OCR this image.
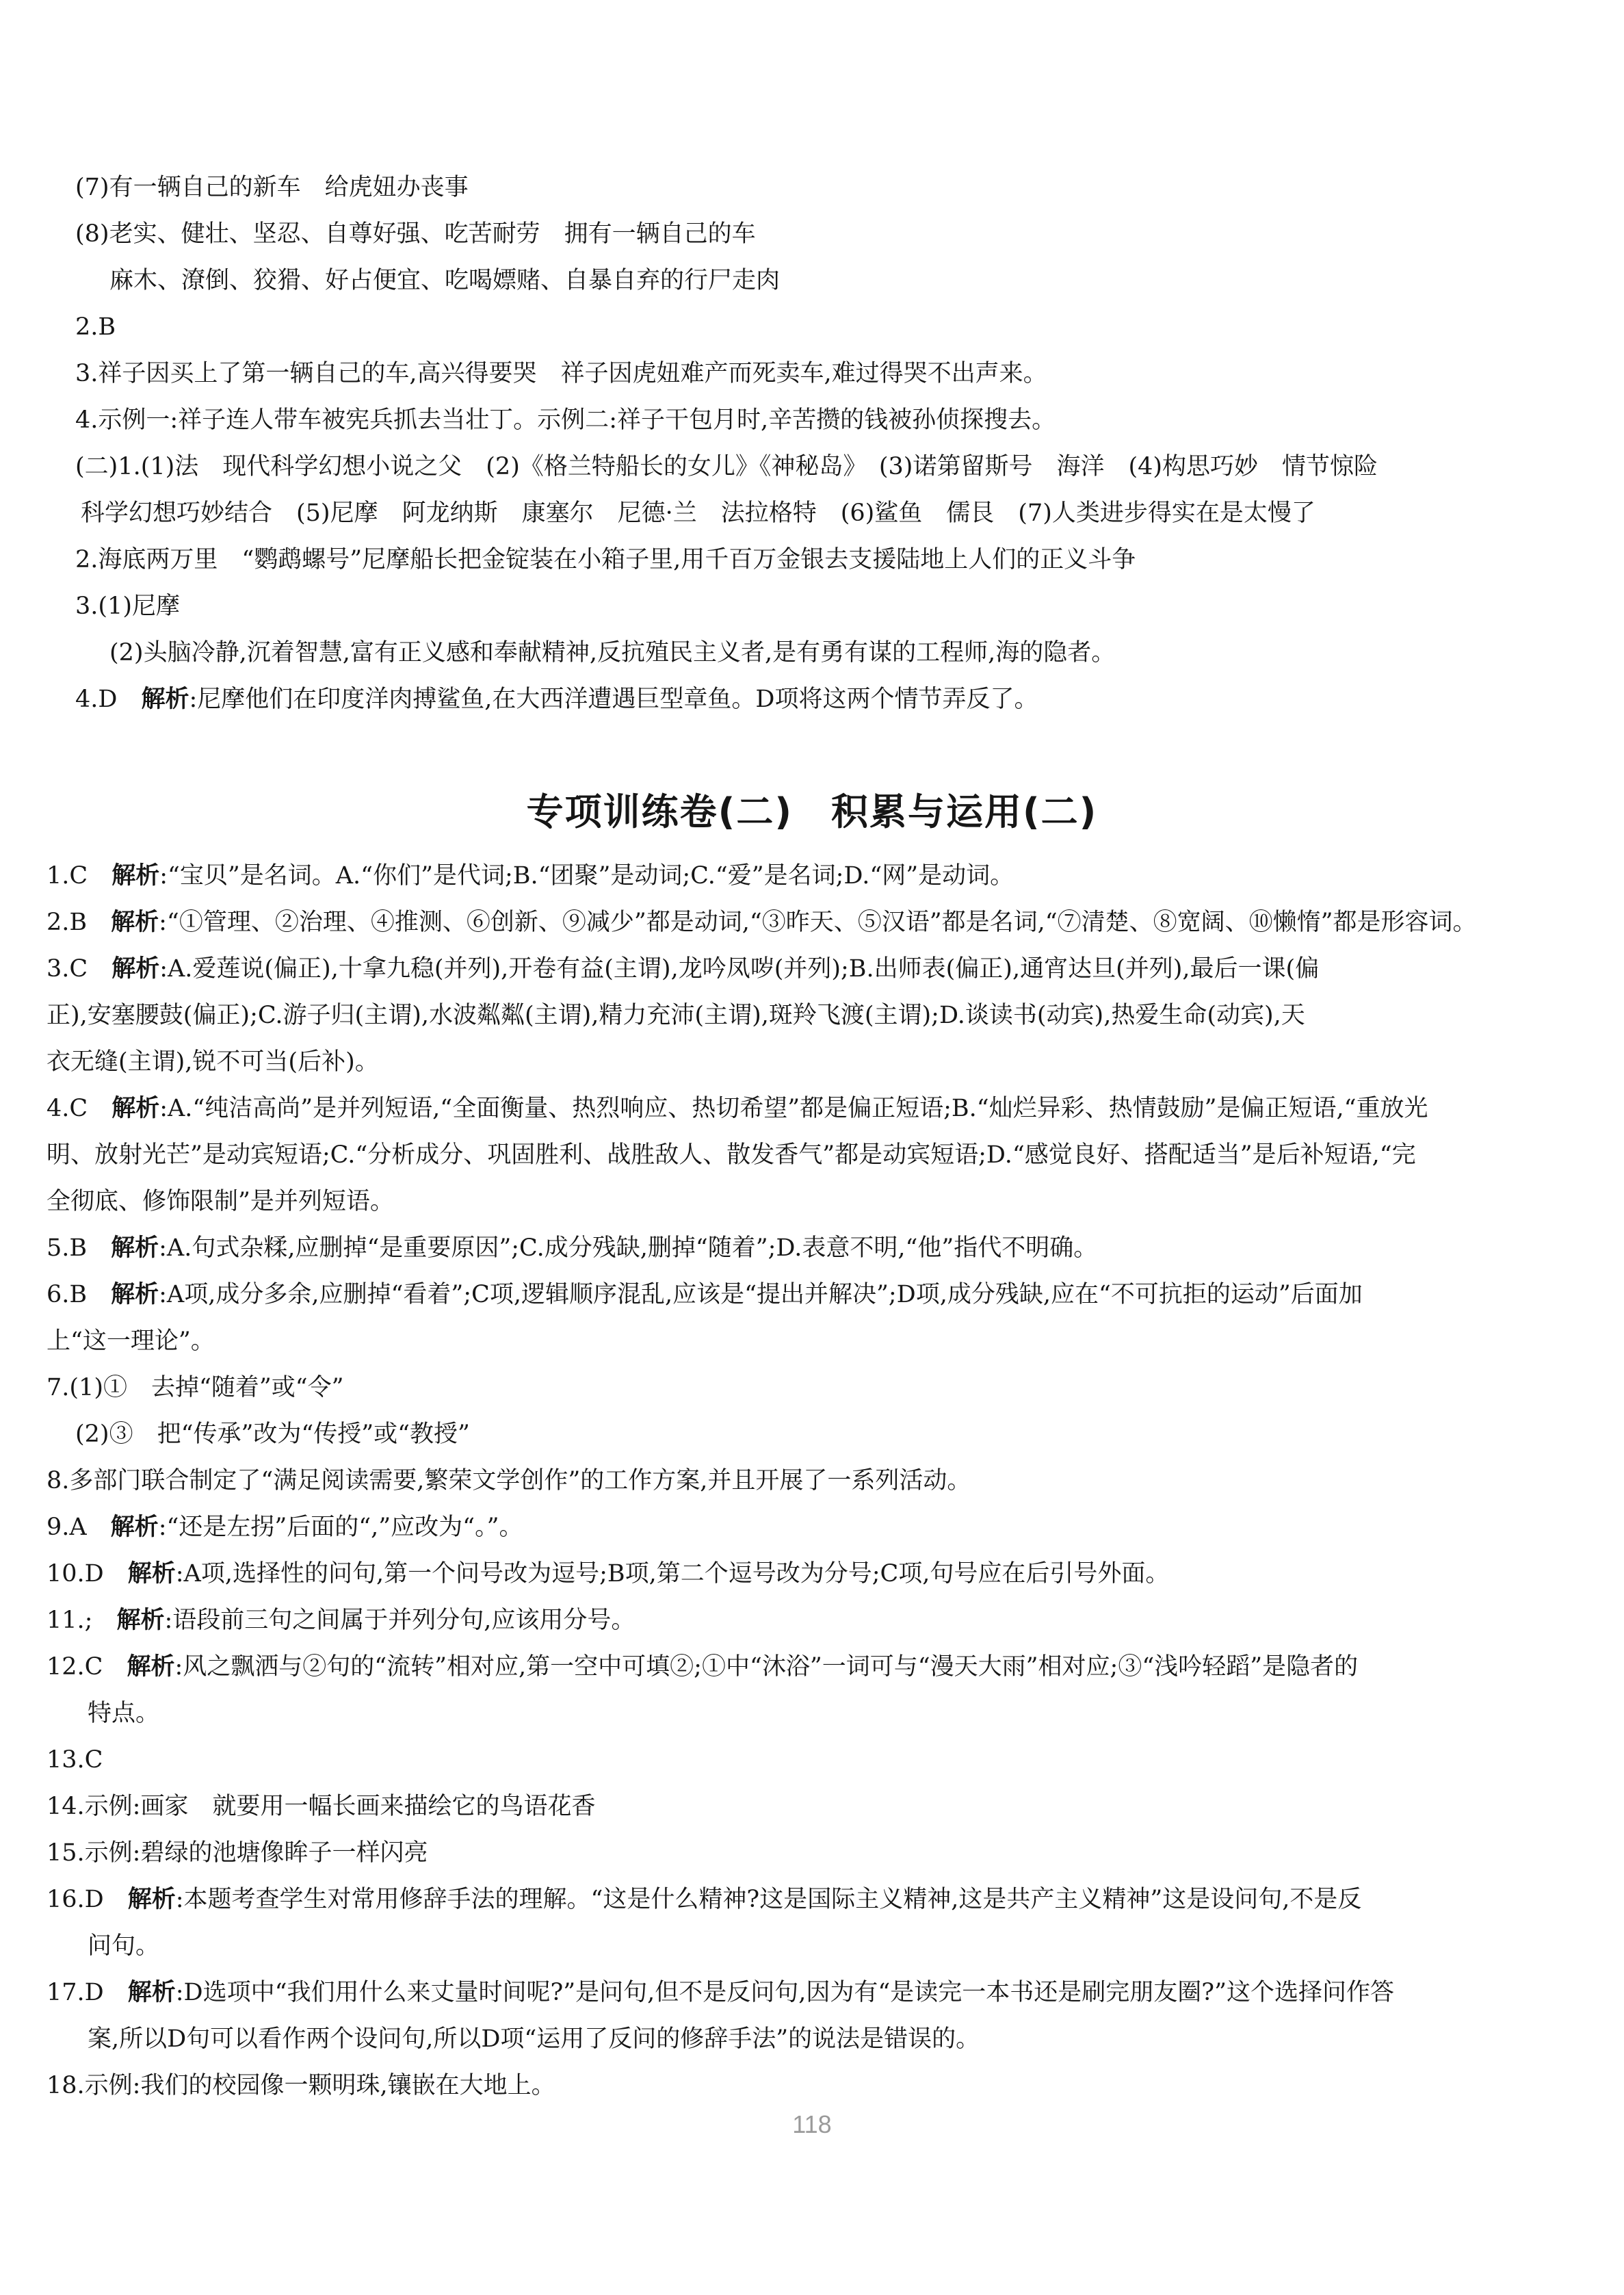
(7)有一辆自己的新车　给虎妞办丧事
(8)老实、健壮、坚忍、自尊好强、吃苦耐劳　拥有一辆自己的车
麻木、潦倒、狡猾、好占便宜、吃喝嫖赌、自暴自弃的行尸走肉
2.B
3.祥子因买上了第一辆自己的车,高兴得要哭　祥子因虎妞难产而死卖车,难过得哭不出声来。
4.示例一:祥子连人带车被宪兵抓去当壮丁。示例二:祥子干包月时,辛苦攒的钱被孙侦探搜去。
(二)1.(1)法　现代科学幻想小说之父　(2)《格兰特船长的女儿》《神秘岛》　(3)诺第留斯号　海洋　(4)构思巧妙　情节惊险
科学幻想巧妙结合　(5)尼摩　阿龙纳斯　康塞尔　尼德·兰　法拉格特　(6)鲨鱼　儒艮　(7)人类进步得实在是太慢了
2.海底两万里　“鹦鹉螺号”尼摩船长把金锭装在小箱子里,用千百万金银去支援陆地上人们的正义斗争
3.(1)尼摩
(2)头脑冷静,沉着智慧,富有正义感和奉献精神,反抗殖民主义者,是有勇有谋的工程师,海的隐者。
4.D　解析:尼摩他们在印度洋肉搏鲨鱼,在大西洋遭遇巨型章鱼。D项将这两个情节弄反了。
专项训练卷(二)　积累与运用(二)
1.C　解析:“宝贝”是名词。A.“你们”是代词;B.“团聚”是动词;C.“爱”是名词;D.“网”是动词。
2.B　解析:“①管理、②治理、④推测、⑥创新、⑨减少”都是动词,“③昨天、⑤汉语”都是名词,“⑦清楚、⑧宽阔、⑩懒惰”都是形容词。
3.C　解析:A.爱莲说(偏正),十拿九稳(并列),开卷有益(主谓),龙吟凤哕(并列);B.出师表(偏正),通宵达旦(并列),最后一课(偏
正),安塞腰鼓(偏正);C.游子归(主谓),水波粼粼(主谓),精力充沛(主谓),斑羚飞渡(主谓);D.谈读书(动宾),热爱生命(动宾),天
衣无缝(主谓),锐不可当(后补)。
4.C　解析:A.“纯洁高尚”是并列短语,“全面衡量、热烈响应、热切希望”都是偏正短语;B.“灿烂异彩、热情鼓励”是偏正短语,“重放光
明、放射光芒”是动宾短语;C.“分析成分、巩固胜利、战胜敌人、散发香气”都是动宾短语;D.“感觉良好、搭配适当”是后补短语,“完
全彻底、修饰限制”是并列短语。
5.B　解析:A.句式杂糅,应删掉“是重要原因”;C.成分残缺,删掉“随着”;D.表意不明,“他”指代不明确。
6.B　解析:A项,成分多余,应删掉“看着”;C项,逻辑顺序混乱,应该是“提出并解决”;D项,成分残缺,应在“不可抗拒的运动”后面加
上“这一理论”。
7.(1)①　去掉“随着”或“令”
(2)③　把“传承”改为“传授”或“教授”
8.多部门联合制定了“满足阅读需要,繁荣文学创作”的工作方案,并且开展了一系列活动。
9.A　解析:“还是左拐”后面的“,”应改为“。”。
10.D　解析:A项,选择性的问句,第一个问号改为逗号;B项,第二个逗号改为分号;C项,句号应在后引号外面。
11.;　解析:语段前三句之间属于并列分句,应该用分号。
12.C　解析:风之飘洒与②句的“流转”相对应,第一空中可填②;①中“沐浴”一词可与“漫天大雨”相对应;③“浅吟轻蹈”是隐者的
特点。
13.C
14.示例:画家　就要用一幅长画来描绘它的鸟语花香
15.示例:碧绿的池塘像眸子一样闪亮
16.D　解析:本题考查学生对常用修辞手法的理解。“这是什么精神?这是国际主义精神,这是共产主义精神”这是设问句,不是反
问句。
17.D　解析:D选项中“我们用什么来丈量时间呢?”是问句,但不是反问句,因为有“是读完一本书还是刷完朋友圈?”这个选择问作答
案,所以D句可以看作两个设问句,所以D项“运用了反问的修辞手法”的说法是错误的。
18.示例:我们的校园像一颗明珠,镶嵌在大地上。
118
